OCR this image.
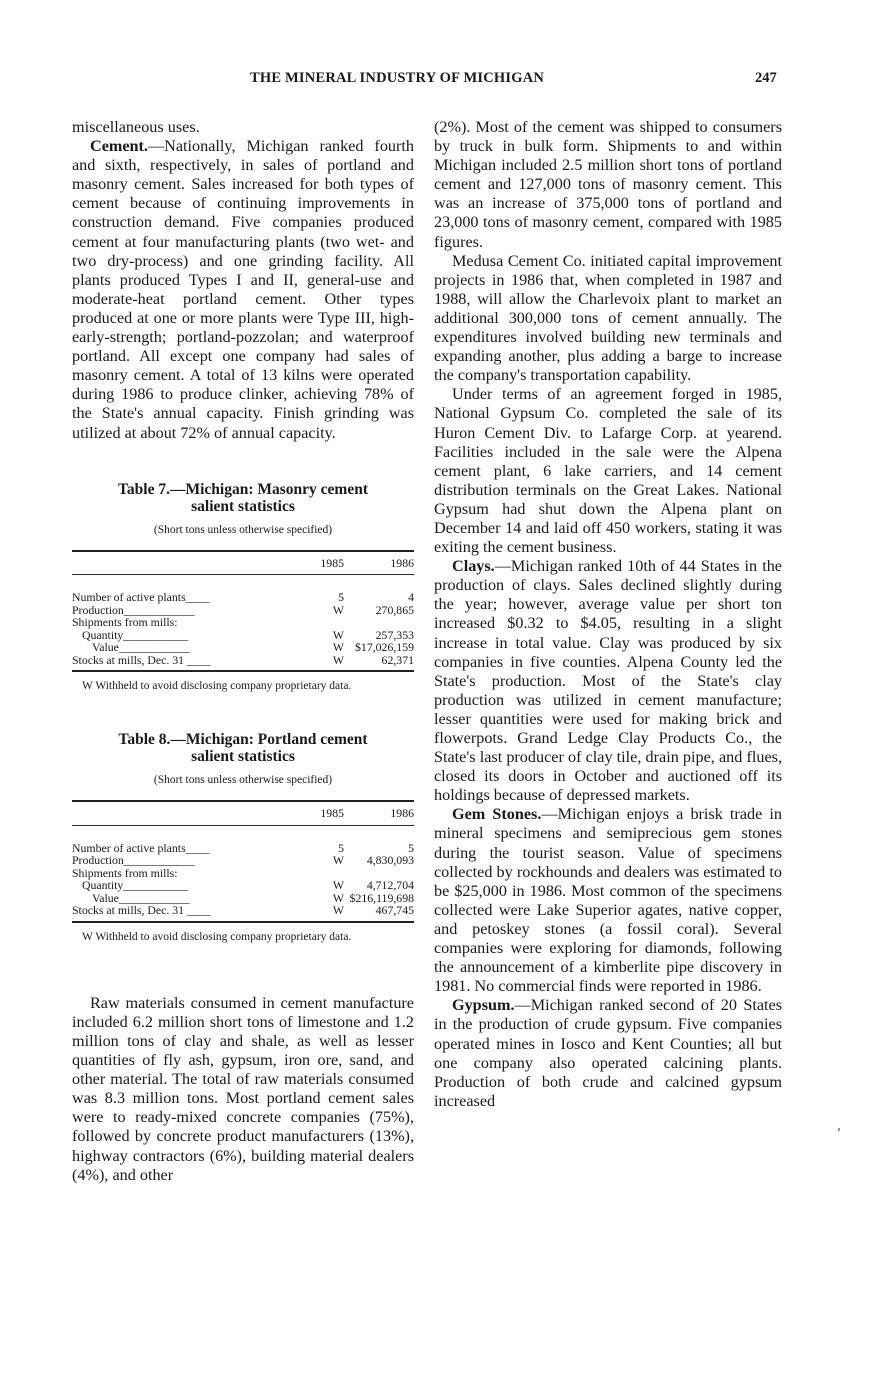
THE MINERAL INDUSTRY OF MICHIGAN	247

miscellaneous uses.

Cement.—Nationally, Michigan ranked fourth and sixth, respectively, in sales of portland and masonry cement. Sales increased for both types of cement because of continuing improvements in construction demand. Five companies produced cement at four manufacturing plants (two wet- and two dry-process) and one grinding facility. All plants produced Types I and II, general-use and moderate-heat portland cement. Other types produced at one or more plants were Type III, high-early-strength; portland-pozzolan; and waterproof portland. All except one company had sales of masonry cement. A total of 13 kilns were operated during 1986 to produce clinker, achieving 78% of the State's annual capacity. Finish grinding was utilized at about 72% of annual capacity.

Table 7.—Michigan: Masonry cement
salient statistics
(Short tons unless otherwise specified)
	1985	1986
Number of active plants____	5	4
Production____________	W	270,865
Shipments from mills:		
Quantity___________	W	257,353
Value____________	W	$17,026,159
Stocks at mills, Dec. 31 ____	W	62,371
W Withheld to avoid disclosing company proprietary data.
Table 8.—Michigan: Portland cement
salient statistics
(Short tons unless otherwise specified)
	1985	1986
Number of active plants____	5	5
Production____________	W	4,830,093
Shipments from mills:		
Quantity___________	W	4,712,704
Value____________	W	$216,119,698
Stocks at mills, Dec. 31 ____	W	467,745
W Withheld to avoid disclosing company proprietary data.

Raw materials consumed in cement manufacture included 6.2 million short tons of limestone and 1.2 million tons of clay and shale, as well as lesser quantities of fly ash, gypsum, iron ore, sand, and other material. The total of raw materials consumed was 8.3 million tons. Most portland cement sales were to ready-mixed concrete companies (75%), followed by concrete product manufacturers (13%), highway contractors (6%), building material dealers (4%), and other

(2%). Most of the cement was shipped to consumers by truck in bulk form. Shipments to and within Michigan included 2.5 million short tons of portland cement and 127,000 tons of masonry cement. This was an increase of 375,000 tons of portland and 23,000 tons of masonry cement, compared with 1985 figures.

Medusa Cement Co. initiated capital improvement projects in 1986 that, when completed in 1987 and 1988, will allow the Charlevoix plant to market an additional 300,000 tons of cement annually. The expenditures involved building new terminals and expanding another, plus adding a barge to increase the company's transportation capability.

Under terms of an agreement forged in 1985, National Gypsum Co. completed the sale of its Huron Cement Div. to Lafarge Corp. at yearend. Facilities included in the sale were the Alpena cement plant, 6 lake carriers, and 14 cement distribution terminals on the Great Lakes. National Gypsum had shut down the Alpena plant on December 14 and laid off 450 workers, stating it was exiting the cement business.

Clays.—Michigan ranked 10th of 44 States in the production of clays. Sales declined slightly during the year; however, average value per short ton increased $0.32 to $4.05, resulting in a slight increase in total value. Clay was produced by six companies in five counties. Alpena County led the State's production. Most of the State's clay production was utilized in cement manufacture; lesser quantities were used for making brick and flowerpots. Grand Ledge Clay Products Co., the State's last producer of clay tile, drain pipe, and flues, closed its doors in October and auctioned off its holdings because of depressed markets.

Gem Stones.—Michigan enjoys a brisk trade in mineral specimens and semiprecious gem stones during the tourist season. Value of specimens collected by rockhounds and dealers was estimated to be $25,000 in 1986. Most common of the specimens collected were Lake Superior agates, native copper, and petoskey stones (a fossil coral). Several companies were exploring for diamonds, following the announcement of a kimberlite pipe discovery in 1981. No commercial finds were reported in 1986.

Gypsum.—Michigan ranked second of 20 States in the production of crude gypsum. Five companies operated mines in Iosco and Kent Counties; all but one company also operated calcining plants. Production of both crude and calcined gypsum increased
